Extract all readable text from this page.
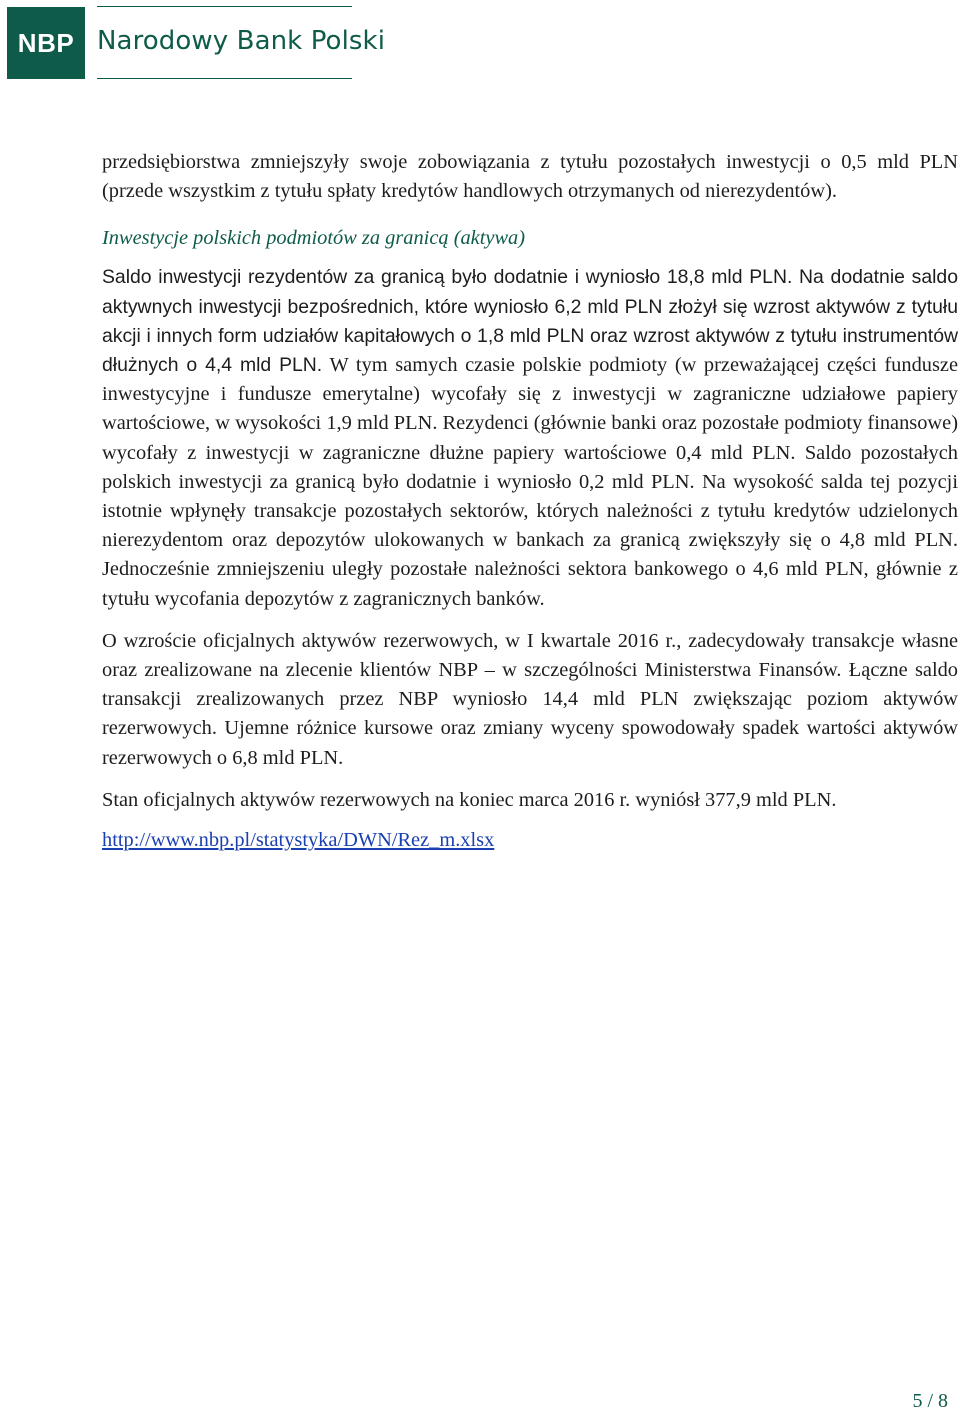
NBP Narodowy Bank Polski

przedsiębiorstwa zmniejszyły swoje zobowiązania z tytułu pozostałych inwestycji o 0,5 mld PLN (przede wszystkim z tytułu spłaty kredytów handlowych otrzymanych od nierezydentów).

Inwestycje polskich podmiotów za granicą (aktywa)

Saldo inwestycji rezydentów za granicą było dodatnie i wyniosło 18,8 mld PLN. Na dodatnie saldo aktywnych inwestycji bezpośrednich, które wyniosło 6,2 mld PLN złożył się wzrost aktywów z tytułu akcji i innych form udziałów kapitałowych o 1,8 mld PLN oraz wzrost aktywów z tytułu instrumentów dłużnych o 4,4 mld PLN. W tym samych czasie polskie podmioty (w przeważającej części fundusze inwestycyjne i fundusze emerytalne) wycofały się z inwestycji w zagraniczne udziałowe papiery wartościowe, w wysokości 1,9 mld PLN. Rezydenci (głównie banki oraz pozostałe podmioty finansowe) wycofały z inwestycji w zagraniczne dłużne papiery wartościowe 0,4 mld PLN. Saldo pozostałych polskich inwestycji za granicą było dodatnie i wyniosło 0,2 mld PLN. Na wysokość salda tej pozycji istotnie wpłynęły transakcje pozostałych sektorów, których należności z tytułu kredytów udzielonych nierezydentom oraz depozytów ulokowanych w bankach za granicą zwiększyły się o 4,8 mld PLN. Jednocześnie zmniejszeniu uległy pozostałe należności sektora bankowego o 4,6 mld PLN, głównie z tytułu wycofania depozytów z zagranicznych banków.

O wzroście oficjalnych aktywów rezerwowych, w I kwartale 2016 r., zadecydowały transakcje własne oraz zrealizowane na zlecenie klientów NBP – w szczególności Ministerstwa Finansów. Łączne saldo transakcji zrealizowanych przez NBP wyniosło 14,4 mld PLN zwiększając poziom aktywów rezerwowych. Ujemne różnice kursowe oraz zmiany wyceny spowodowały spadek wartości aktywów rezerwowych o 6,8 mld PLN.

Stan oficjalnych aktywów rezerwowych na koniec marca 2016 r. wyniósł 377,9 mld PLN.

http://www.nbp.pl/statystyka/DWN/Rez_m.xlsx
5 / 8
